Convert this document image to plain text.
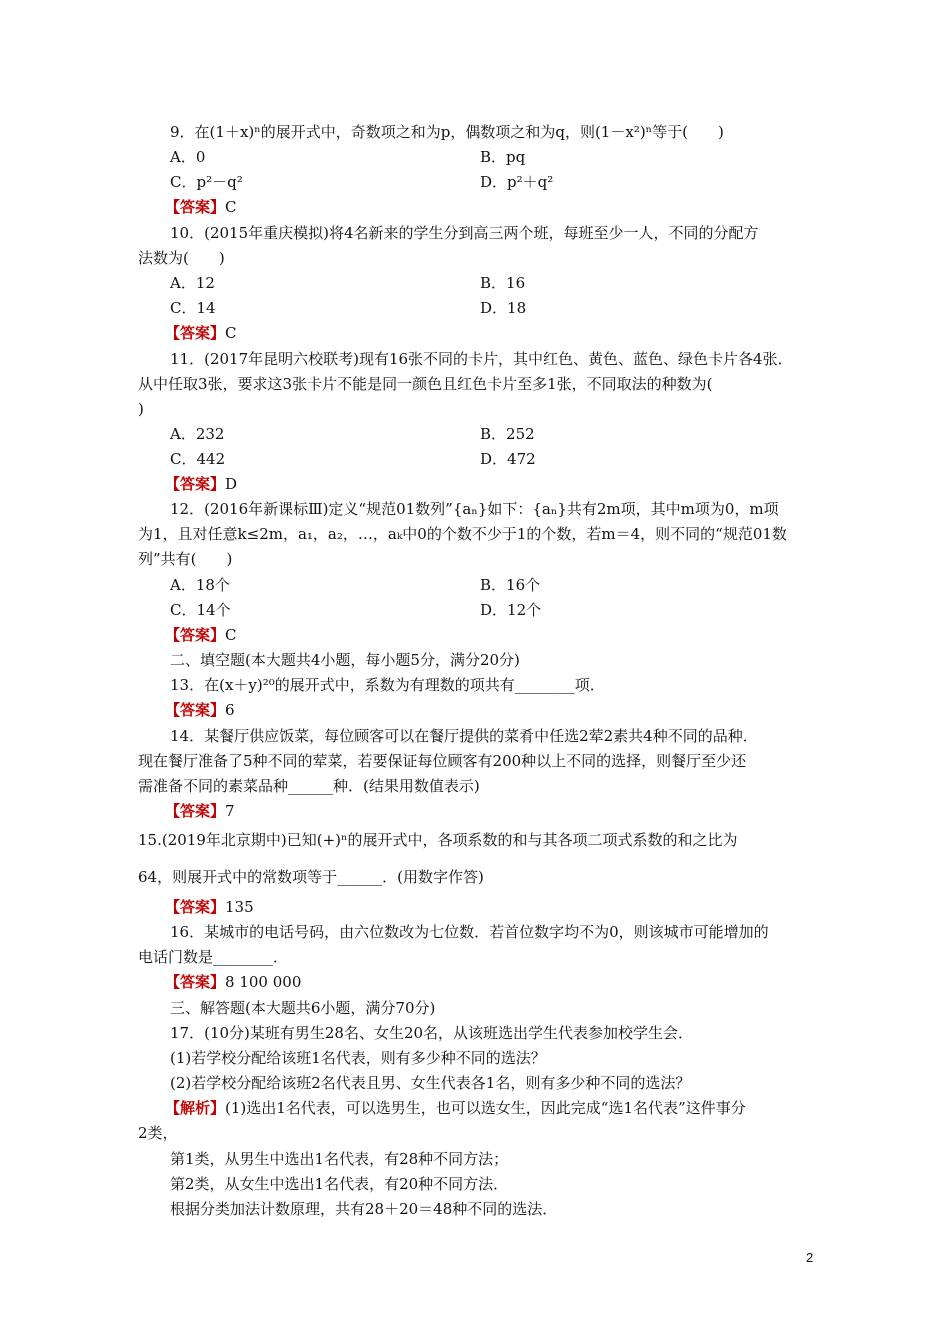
9．在(1＋x)ⁿ的展开式中，奇数项之和为p，偶数项之和为q，则(1－x²)ⁿ等于(　　)
A．0	B．pq
C．p²－q²	D．p²＋q²
【答案】C
10．(2015年重庆模拟)将4名新来的学生分到高三两个班，每班至少一人，不同的分配方
法数为(　　)
A．12	B．16
C．14	D．18
【答案】C
11．(2017年昆明六校联考)现有16张不同的卡片，其中红色、黄色、蓝色、绿色卡片各4张．
从中任取3张，要求这3张卡片不能是同一颜色且红色卡片至多1张，不同取法的种数为(
)
A．232	B．252
C．442	D．472
【答案】D
12．(2016年新课标Ⅲ)定义“规范01数列”{aₙ}如下：{aₙ}共有2m项，其中m项为0，m项
为1，且对任意k≤2m，a₁，a₂，…，aₖ中0的个数不少于1的个数，若m＝4，则不同的“规范01数
列”共有(　　)
A．18个	B．16个
C．14个	D．12个
【答案】C
二、填空题(本大题共4小题，每小题5分，满分20分)
13．在(x＋y)²⁰的展开式中，系数为有理数的项共有________项．
【答案】6
14．某餐厅供应饭菜，每位顾客可以在餐厅提供的菜肴中任选2荤2素共4种不同的品种．
现在餐厅准备了5种不同的荤菜，若要保证每位顾客有200种以上不同的选择，则餐厅至少还
需准备不同的素菜品种______种．(结果用数值表示)
【答案】7
15.(2019年北京期中)已知(+)ⁿ的展开式中，各项系数的和与其各项二项式系数的和之比为
64，则展开式中的常数项等于______．(用数字作答)
【答案】135
16．某城市的电话号码，由六位数改为七位数．若首位数字均不为0，则该城市可能增加的
电话门数是________．
【答案】8 100 000
三、解答题(本大题共6小题，满分70分)
17．(10分)某班有男生28名、女生20名，从该班选出学生代表参加校学生会．
(1)若学校分配给该班1名代表，则有多少种不同的选法？
(2)若学校分配给该班2名代表且男、女生代表各1名，则有多少种不同的选法？
【解析】(1)选出1名代表，可以选男生，也可以选女生，因此完成“选1名代表”这件事分
2类，
第1类，从男生中选出1名代表，有28种不同方法；
第2类，从女生中选出1名代表，有20种不同方法．
根据分类加法计数原理，共有28＋20＝48种不同的选法．
2
